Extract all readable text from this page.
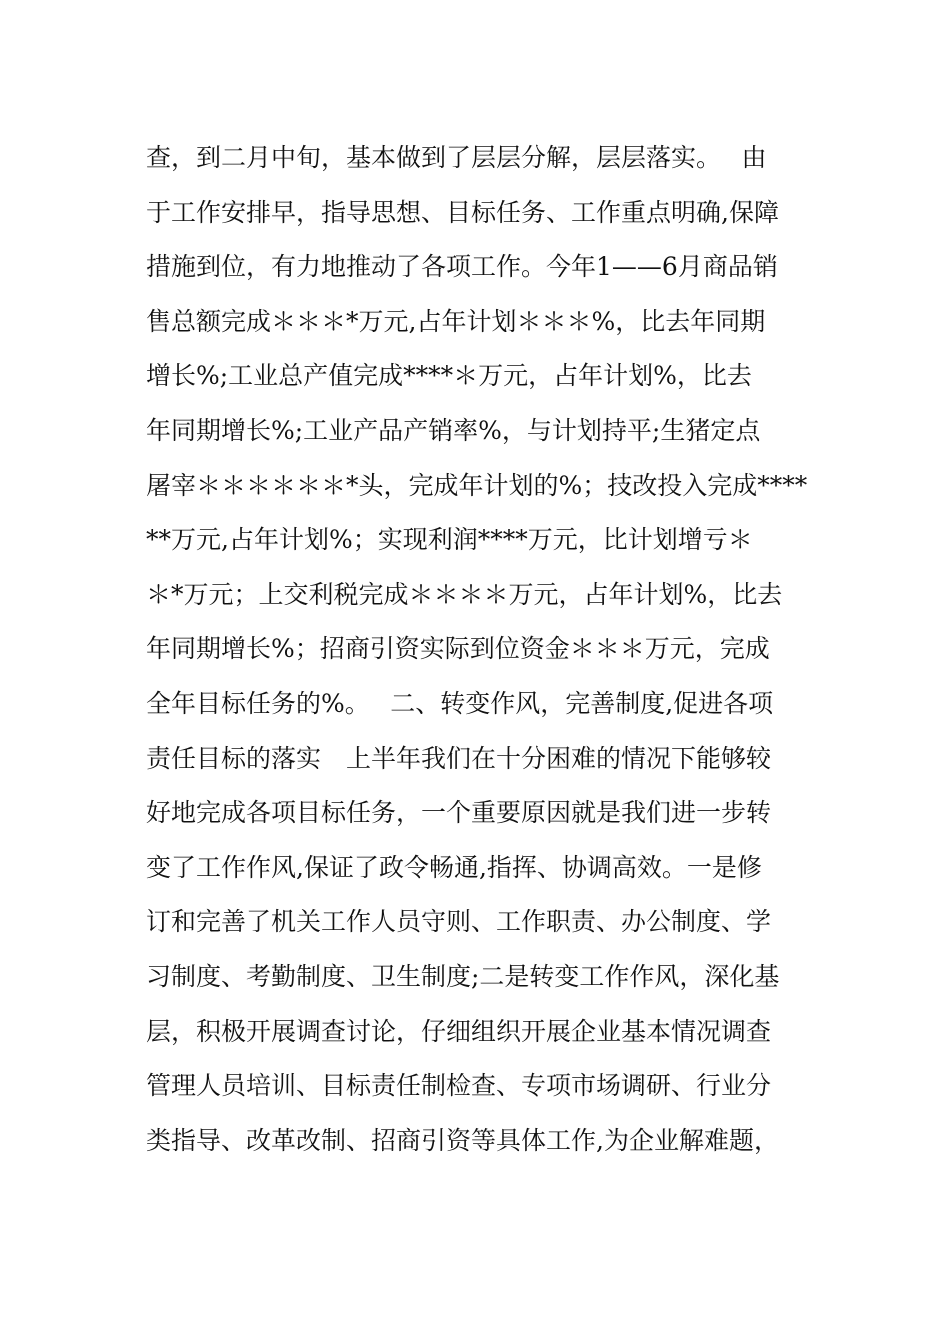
查，到二月中旬，基本做到了层层分解，层层落实。　 由
于工作安排早，指导思想、目标任务、工作重点明确,保障
措施到位，有力地推动了各项工作。今年1——6月商品销
售总额完成＊＊＊*万元,占年计划＊＊＊%，比去年同期
增长%;工业总产值完成****＊万元，占年计划%，比去
年同期增长%;工业产品产销率%，与计划持平;生猪定点
屠宰＊＊＊＊＊＊*头，完成年计划的%；技改投入完成****
**万元,占年计划%；实现利润****万元，比计划增亏＊
＊*万元；上交利税完成＊＊＊＊万元，占年计划%，比去
年同期增长%；招商引资实际到位资金＊＊＊万元，完成
全年目标任务的%。　 二、转变作风，完善制度,促进各项
责任目标的落实　上半年我们在十分困难的情况下能够较
好地完成各项目标任务，一个重要原因就是我们进一步转
变了工作作风,保证了政令畅通,指挥、协调高效。一是修
订和完善了机关工作人员守则、工作职责、办公制度、学
习制度、考勤制度、卫生制度;二是转变工作作风，深化基
层，积极开展调查讨论，仔细组织开展企业基本情况调查
管理人员培训、目标责任制检查、专项市场调研、行业分
类指导、改革改制、招商引资等具体工作,为企业解难题，
